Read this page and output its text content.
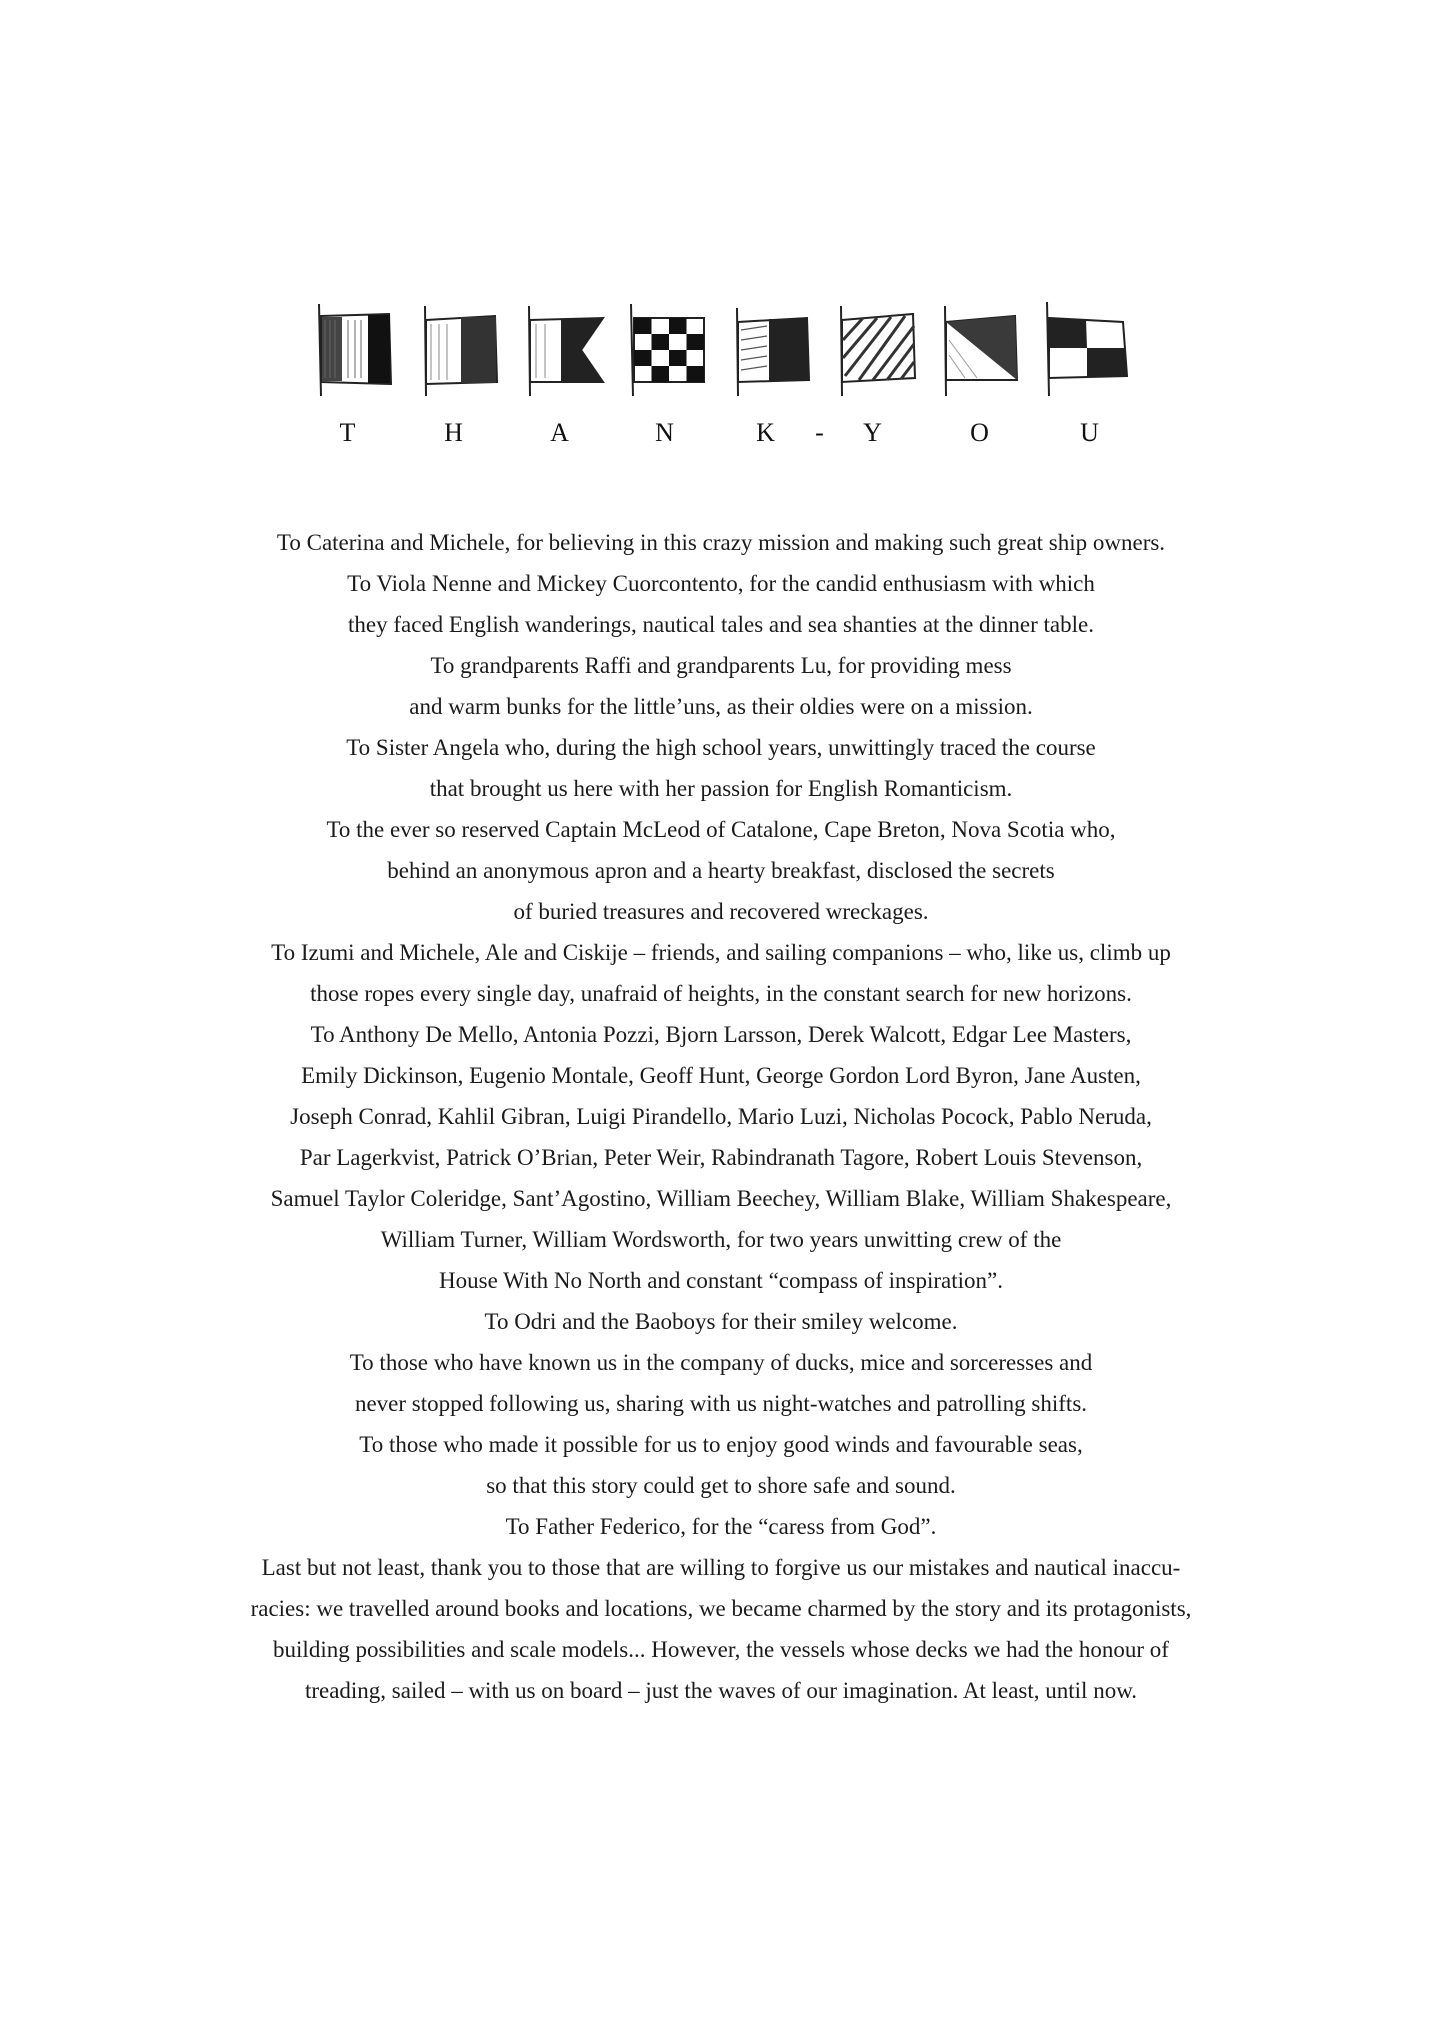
T	H	A	N	K	-	Y	O	U
To Caterina and Michele, for believing in this crazy mission and making such great ship owners.
To Viola Nenne and Mickey Cuorcontento, for the candid enthusiasm with which
they faced English wanderings, nautical tales and sea shanties at the dinner table.
To grandparents Raffi and grandparents Lu, for providing mess
and warm bunks for the little’uns, as their oldies were on a mission.
To Sister Angela who, during the high school years, unwittingly traced the course
that brought us here with her passion for English Romanticism.
To the ever so reserved Captain McLeod of Catalone, Cape Breton, Nova Scotia who,
behind an anonymous apron and a hearty breakfast, disclosed the secrets
of buried treasures and recovered wreckages.
To Izumi and Michele, Ale and Ciskije – friends, and sailing companions – who, like us, climb up
those ropes every single day, unafraid of heights, in the constant search for new horizons.
To Anthony De Mello, Antonia Pozzi, Bjorn Larsson, Derek Walcott, Edgar Lee Masters,
Emily Dickinson, Eugenio Montale, Geoff Hunt, George Gordon Lord Byron, Jane Austen,
Joseph Conrad, Kahlil Gibran, Luigi Pirandello, Mario Luzi, Nicholas Pocock, Pablo Neruda,
Par Lagerkvist, Patrick O’Brian, Peter Weir, Rabindranath Tagore, Robert Louis Stevenson,
Samuel Taylor Coleridge, Sant’Agostino, William Beechey, William Blake, William Shakespeare,
William Turner, William Wordsworth, for two years unwitting crew of the
House With No North and constant “compass of inspiration”.
To Odri and the Baoboys for their smiley welcome.
To those who have known us in the company of ducks, mice and sorceresses and
never stopped following us, sharing with us night-watches and patrolling shifts.
To those who made it possible for us to enjoy good winds and favourable seas,
so that this story could get to shore safe and sound.
To Father Federico, for the “caress from God”.
Last but not least, thank you to those that are willing to forgive us our mistakes and nautical inaccu-
racies: we travelled around books and locations, we became charmed by the story and its protagonists,
building possibilities and scale models... However, the vessels whose decks we had the honour of
treading, sailed – with us on board – just the waves of our imagination. At least, until now.
